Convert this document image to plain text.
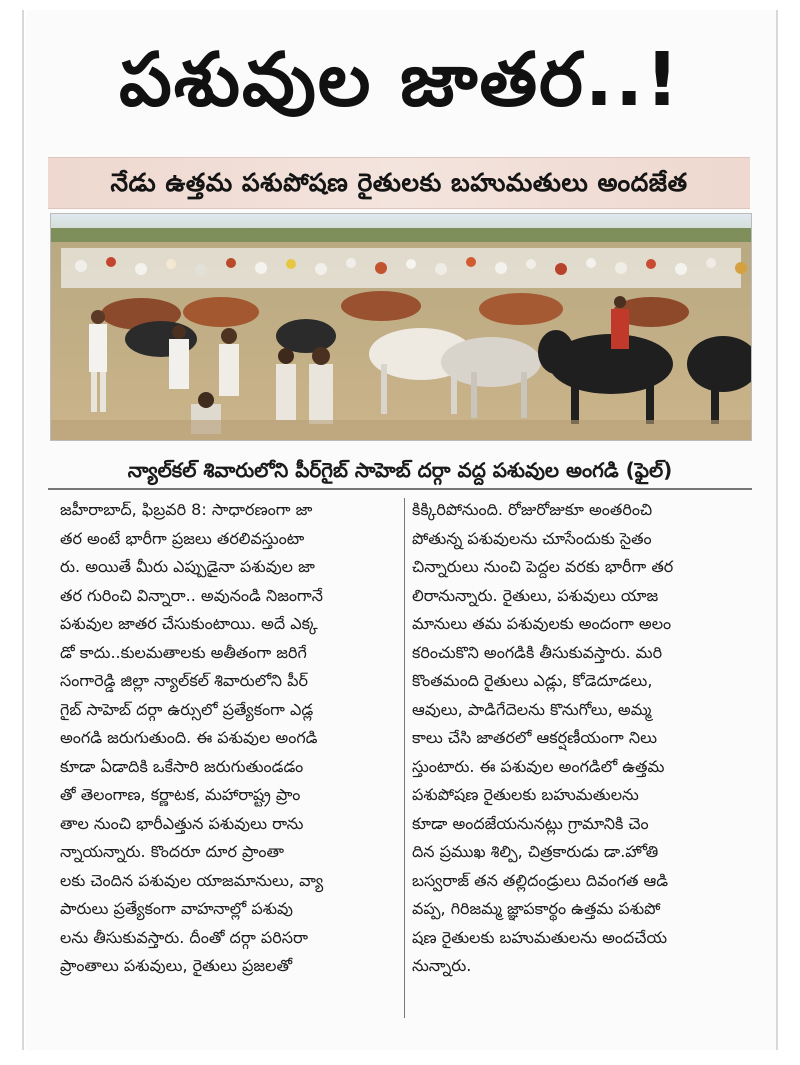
పశువుల జాతర..!
నేడు ఉత్తమ పశుపోషణ రైతులకు బహుమతులు అందజేత
న్యాల్‌కల్‌ శివారులోని పీర్‌గైబ్‌ సాహెబ్‌ దర్గా వద్ద పశువుల అంగడి (ఫైల్‌)
జహీరాబాద్‌, ఫిబ్రవరి 8: సాధారణంగా జా
తర అంటే భారీగా ప్రజలు తరలివస్తుంటా
రు. అయితే మీరు ఎప్పుడైనా పశువుల జా
తర గురించి విన్నారా.. అవునండి నిజంగానే
పశువుల జాతర చేసుకుంటాయి. అదే ఎక్క
డో కాదు..కులమతాలకు అతీతంగా జరిగే
సంగారెడ్డి జిల్లా న్యాల్‌కల్‌ శివారులోని పీర్‌
గైబ్‌ సాహెబ్‌ దర్గా ఉర్సులో ప్రత్యేకంగా ఎడ్ల
అంగడి జరుగుతుంది. ఈ పశువుల అంగడి
కూడా ఏడాదికి ఒకేసారి జరుగుతుండడం
తో తెలంగాణ, కర్ణాటక, మహారాష్ట్ర ప్రాం
తాల నుంచి భారీఎత్తున పశువులు రాను
న్నాయన్నారు. కొందరూ దూర ప్రాంతా
లకు చెందిన పశువుల యాజమానులు, వ్యా
పారులు ప్రత్యేకంగా వాహనాల్లో పశువు
లను తీసుకువస్తారు. దీంతో దర్గా పరిసరా
ప్రాంతాలు పశువులు, రైతులు ప్రజలతో
కిక్కిరిపోనుంది. రోజురోజుకూ అంతరించి
పోతున్న పశువులను చూసేందుకు సైతం
చిన్నారులు నుంచి పెద్దల వరకు భారీగా తర
లిరానున్నారు. రైతులు, పశువులు యాజ
మానులు తమ పశువులకు అందంగా అలం
కరించుకొని అంగడికి తీసుకువస్తారు. మరి
కొంతమంది రైతులు ఎడ్లు, కోడెదూడలు,
ఆవులు, పాడిగేదెలను కొనుగోలు, అమ్మ
కాలు చేసి జాతరలో ఆకర్షణీయంగా నిలు
స్తుంటారు. ఈ పశువుల అంగడిలో ఉత్తమ
పశుపోషణ రైతులకు బహుమతులను
కూడా అందజేయనునట్లు గ్రామానికి చెం
దిన ప్రముఖ శిల్పి, చిత్రకారుడు డా.హోతి
బస్వరాజ్‌ తన తల్లిదండ్రులు దివంగత ఆడి
వప్ప, గిరిజమ్మ జ్ఞాపకార్థం ఉత్తమ పశుపో
షణ రైతులకు బహుమతులను అందచేయ
నున్నారు.
